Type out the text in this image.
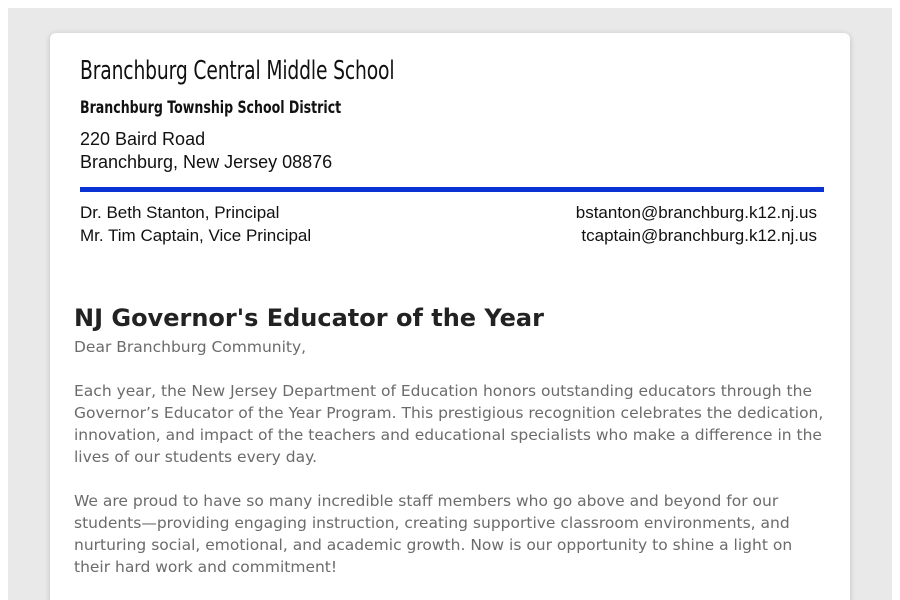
Branchburg Central Middle School
Branchburg Township School District
220 Baird Road
Branchburg, New Jersey 08876
Dr. Beth Stanton, Principal	bstanton@branchburg.k12.nj.us
Mr. Tim Captain, Vice Principal	tcaptain@branchburg.k12.nj.us
NJ Governor's Educator of the Year

Dear Branchburg Community,

Each year, the New Jersey Department of Education honors outstanding educators through the Governor’s Educator of the Year Program. This prestigious recognition celebrates the dedication, innovation, and impact of the teachers and educational specialists who make a difference in the lives of our students every day.

We are proud to have so many incredible staff members who go above and beyond for our students—providing engaging instruction, creating supportive classroom environments, and nurturing social, emotional, and academic growth. Now is our opportunity to shine a light on their hard work and commitment!
